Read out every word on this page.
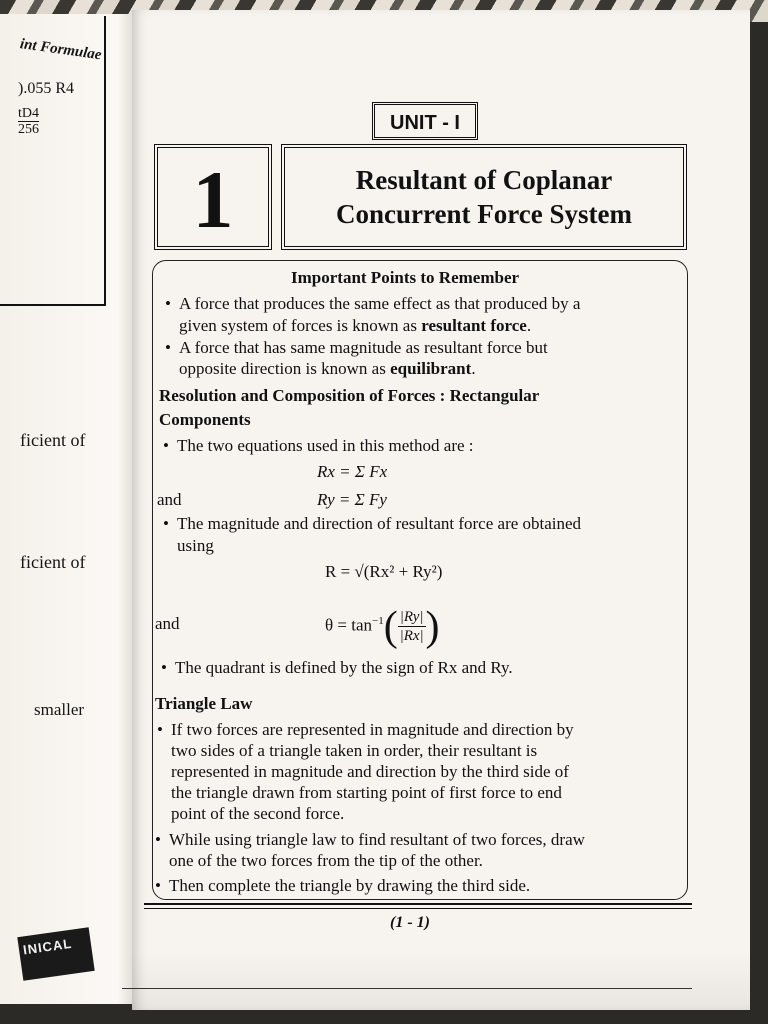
int Formulae
).055 R4
tD4
256
ficient of
ficient of
smaller
INICAL
UNIT - I
1	Resultant of Coplanar
Concurrent Force System
Important Points to Remember
• A force that produces the same effect as that produced by a
given system of forces is known as resultant force.
• A force that has same magnitude as resultant force but
opposite direction is known as equilibrant.
Resolution and Composition of Forces : Rectangular
Components
• The two equations used in this method are :
Rx = Σ Fx
and	Ry = Σ Fy
• The magnitude and direction of resultant force are obtained
using
R = √(Rx² + Ry²)
and	$\theta = \tan^{-1}( \frac{|Ry|}{|Rx|}$ )
• The quadrant is defined by the sign of Rx and Ry.
Triangle Law
• If two forces are represented in magnitude and direction by
two sides of a triangle taken in order, their resultant is
represented in magnitude and direction by the third side of
the triangle drawn from starting point of first force to end
point of the second force.
• While using triangle law to find resultant of two forces, draw
one of the two forces from the tip of the other.
• Then complete the triangle by drawing the third side.
(1 - 1)
